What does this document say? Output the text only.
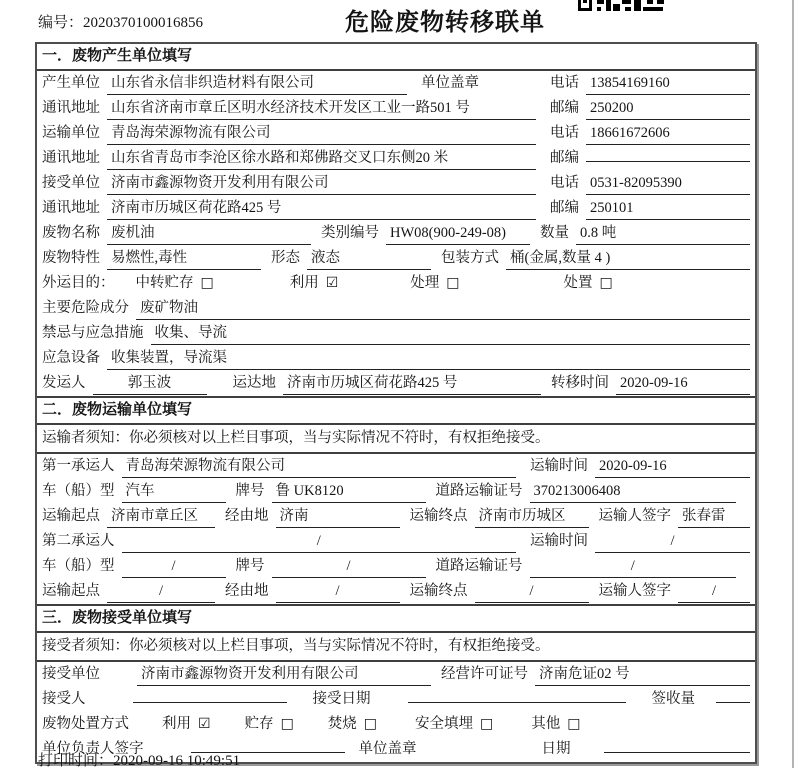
编号：2020370100016856	危险废物转移联单
一．废物产生单位填写
产生单位 山东省永信非织造材料有限公司	单位盖章	电话 13854169160
通讯地址 山东省济南市章丘区明水经济技术开发区工业一路501 号	邮编 250200
运输单位 青岛海荣源物流有限公司	电话 18661672606
通讯地址 山东省青岛市李沧区徐水路和郑佛路交叉口东侧20 米	邮编
接受单位 济南市鑫源物资开发利用有限公司	电话 0531-82095390
通讯地址 济南市历城区荷花路425 号	邮编 250101
废物名称 废机油	类别编号 HW08(900-249-08)	数量 0.8 吨
废物特性 易燃性,毒性	形态 液态	包装方式 桶(金属,数量 4 )
外运目的： 中转贮存 □	利用 ☑	处理 □	处置 □
主要危险成分 废矿物油
禁忌与应急措施 收集、导流
应急设备 收集装置，导流渠
发运人	郭玉波	运达地 济南市历城区荷花路425 号	转移时间 2020-09-16
二．废物运输单位填写
运输者须知：你必须核对以上栏目事项，当与实际情况不符时，有权拒绝接受。
第一承运人 青岛海荣源物流有限公司	运输时间 2020-09-16
车（船）型 汽车	牌号 鲁 UK8120	道路运输证号 370213006408
运输起点 济南市章丘区	经由地 济南	运输终点 济南市历城区	运输人签字 张春雷
第二承运人	/	运输时间	/
车（船）型	/	牌号	/	道路运输证号	/
运输起点	/	经由地	/	运输终点	/	运输人签字	/
三．废物接受单位填写
接受者须知：你必须核对以上栏目事项，当与实际情况不符时，有权拒绝接受。
接受单位	济南市鑫源物资开发利用有限公司	经营许可证号 济南危证02 号
接受人	接受日期	签收量
废物处置方式 利用 ☑ 贮存 □ 焚烧 □	安全填埋 □	其他 □
单位负责人签字	单位盖章	日期
打印时间：2020-09-16 10:49:51
